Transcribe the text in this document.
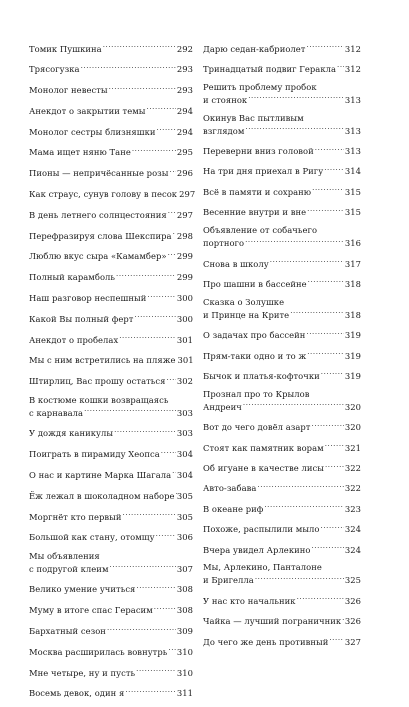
Томик Пушкина .....	292
Трясогузка .....	293
Монолог невесты .....	293
Анекдот о закрытии темы .....	294
Монолог сестры близняшки .....	294
Мама ищет няню Тане .....	295
Пионы — непричёсанные розы ..... 296
Как страус, сунув голову в песок 297
В день летнего солнцестояния ..... 297
Перефразируя слова Шекспира ..... 298
Люблю вкус сыра «Камамбер» ..... 299
Полный карамболь .....	299
Наш разговор неспешный .....	300
Какой Вы полный ферт .....	300
Анекдот о пробелах .....	301
Мы с ним встретились на пляже 301
Штирлиц, Вас прошу остаться ..... 302
В костюме кошки возвращаясь
с карнавала .....	303
У дождя каникулы .....	303
Поиграть в пирамиду Хеопса ..... 304
О нас и картине Марка Шагала ..... 304
Ёж лежал в шоколадном наборе ..... 305
Моргнёт кто первый .....	305
Большой как стану, отомщу .....	306
Мы объявления
с подругой клеим .....	307
Велико умение учиться .....	308
Муму в итоге спас Герасим .....	308
Бархатный сезон .....	309
Москва расширилась вовнутрь ..... 310
Мне четыре, ну и пусть .....	310
Восемь девок, один я .....	311
Дарю седан-кабриолет .....	312
Тринадцатый подвиг Геракла ..... 312
Решить проблему пробок
и стоянок .....	313
Окинув Вас пытливым
взглядом .....	313
Переверни вниз головой .....	313
На три дня приехал в Ригу .....	314
Всё в памяти и сохраню .....	315
Весенние внутри и вне .....	315
Объявление от собачьего
портного .....	316
Снова в школу .....	317
Про шашни в бассейне .....	318
Сказка о Золушке
и Принце на Крите .....	318
О задачах про бассейн .....	319
Прям-таки одно и то ж .....	319
Бычок и платья-кофточки .....	319
Прознал про то Крылов
Андреич .....	320
Вот до чего довёл азарт .....	320
Стоят как памятник ворам .....	321
Об игуане в качестве лисы ..... 322
Авто-забава .....	322
В океане риф .....	323
Похоже, распылили мыло .....	324
Вчера увидел Арлекино .....	324
Мы, Арлекино, Панталоне
и Бригелла .....	325
У нас кто начальник .....	326
Чайка — лучший пограничник ..... 326
До чего же день противный ..... 327
